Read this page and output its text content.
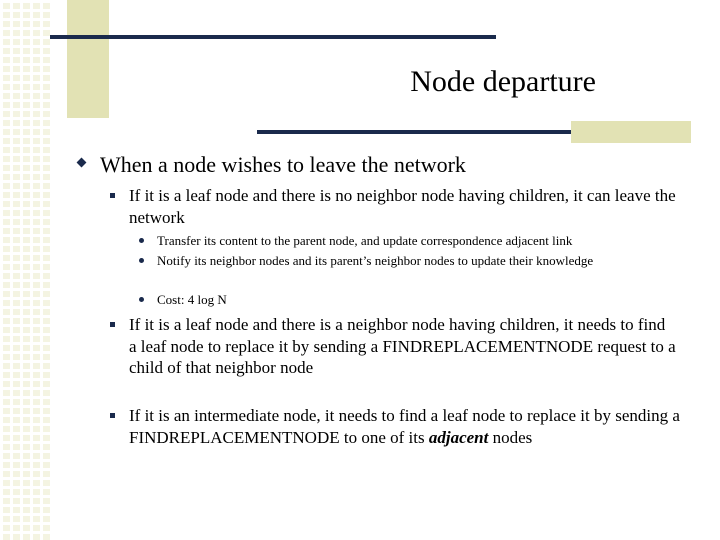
Node departure
When a node wishes to leave the network
If it is a leaf node and there is no neighbor node having children, it can leave the network
Transfer its content to the parent node, and update correspondence adjacent link
Notify its neighbor nodes and its parent’s neighbor nodes to update their knowledge
Cost: 4 log N
If it is a leaf node and there is a neighbor node having children, it needs to find a leaf node to replace it by sending a FINDREPLACEMENTNODE request to a child of that neighbor node
If it is an intermediate node, it needs to find a leaf node to replace it by sending a FINDREPLACEMENTNODE to one of its adjacent nodes
